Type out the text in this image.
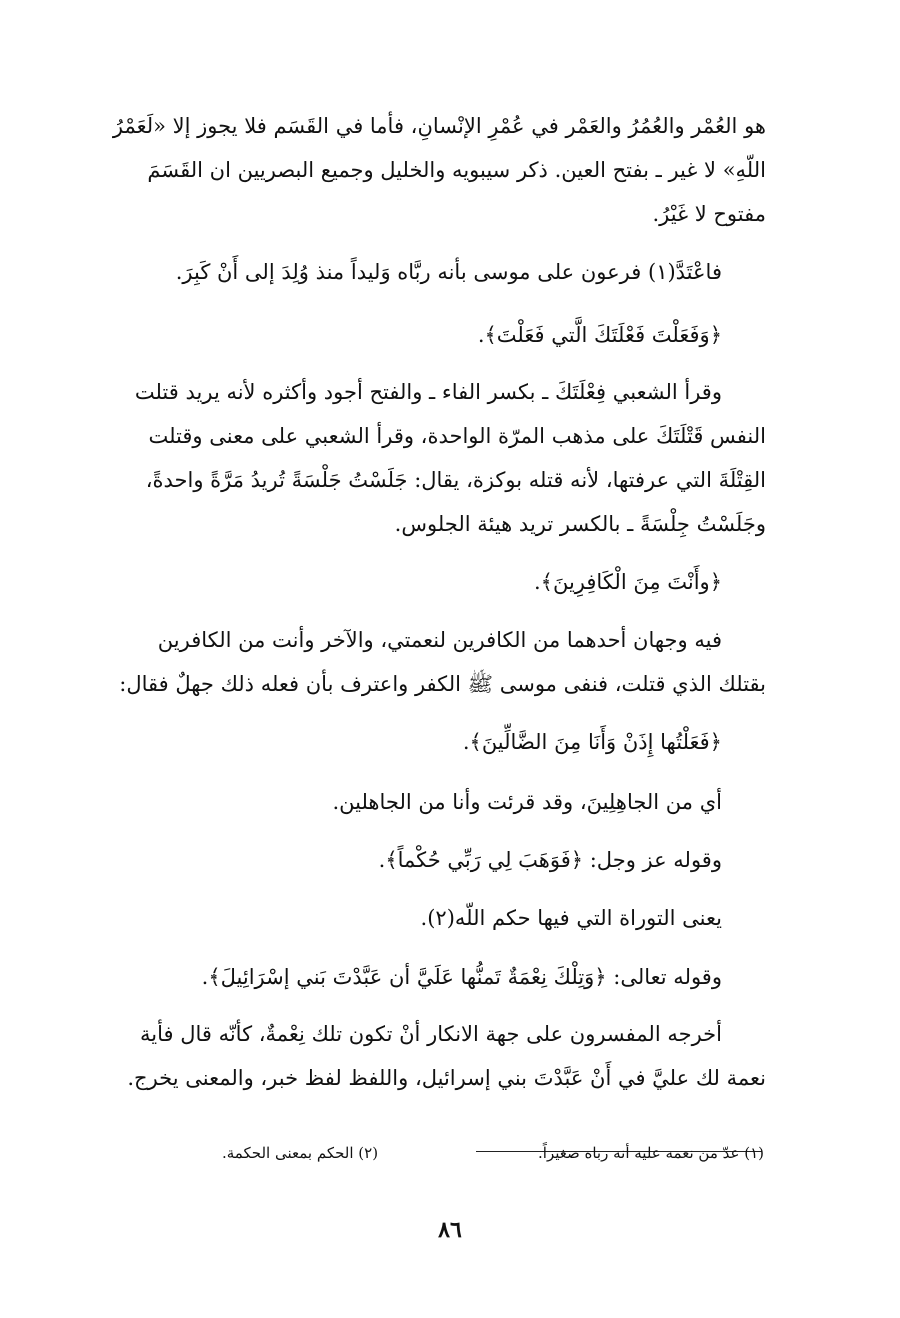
هو العُمْر والعُمُرُ والعَمْر في عُمْرِ الإنْسانِ، فأما في القَسَم فلا يجوز إلا «لَعَمْرُ
اللّهِ» لا غير ـ بفتح العين. ذكر سيبويه والخليل وجميع البصريين ان القَسَمَ
مفتوح لا غَيْرُ.
فاعْتَدَّ(١) فرعون على موسى بأنه ربَّاه وَليداً منذ وُلِدَ إلى أَنْ كَبِرَ.
﴿وَفَعَلْتَ فَعْلَتَكَ الَّتي فَعَلْتَ﴾.
وقرأ الشعبي فِعْلَتَكَ ـ بكسر الفاء ـ والفتح أجود وأكثره لأنه يريد قتلت
النفس قَتْلَتَكَ على مذهب المرّة الواحدة، وقرأ الشعبي على معنى وقتلت
القِتْلَةَ التي عرفتها، لأنه قتله بوكزة، يقال: جَلَسْتُ جَلْسَةً تُريدُ مَرَّةً واحدةً،
وجَلَسْتُ جِلْسَةً ـ بالكسر تريد هيئة الجلوس.
﴿وأَنْتَ مِنَ الْكَافِرِينَ﴾.
فيه وجهان أحدهما من الكافرين لنعمتي، والآخر وأنت من الكافرين
بقتلك الذي قتلت، فنفى موسى ﷺ الكفر واعترف بأن فعله ذلك جهلٌ فقال:
﴿فَعَلْتُها إِذَنْ وَأَنَا مِنَ الضَّالِّينَ﴾.
أي من الجاهِلِينَ، وقد قرئت وأنا من الجاهلين.
وقوله عز وجل: ﴿فَوَهَبَ لِي رَبِّي حُكْماً﴾.
يعنى التوراة التي فيها حكم اللّه(٢).
وقوله تعالى: ﴿وَتِلْكَ نِعْمَةٌ تَمنُّها عَلَيَّ أن عَبَّدْتَ بَني إسْرَائِيلَ﴾.
أخرجه المفسرون على جهة الانكار أنْ تكون تلك نِعْمةٌ، كأنّه قال فأية
نعمة لك عليَّ في أَنْ عَبَّدْتَ بني إسرائيل، واللفظ لفظ خبر، والمعنى يخرج.
(١) عدّ من نعمه عليه أنه رباه صغيراً.
(٢) الحكم بمعنى الحكمة.
٨٦
